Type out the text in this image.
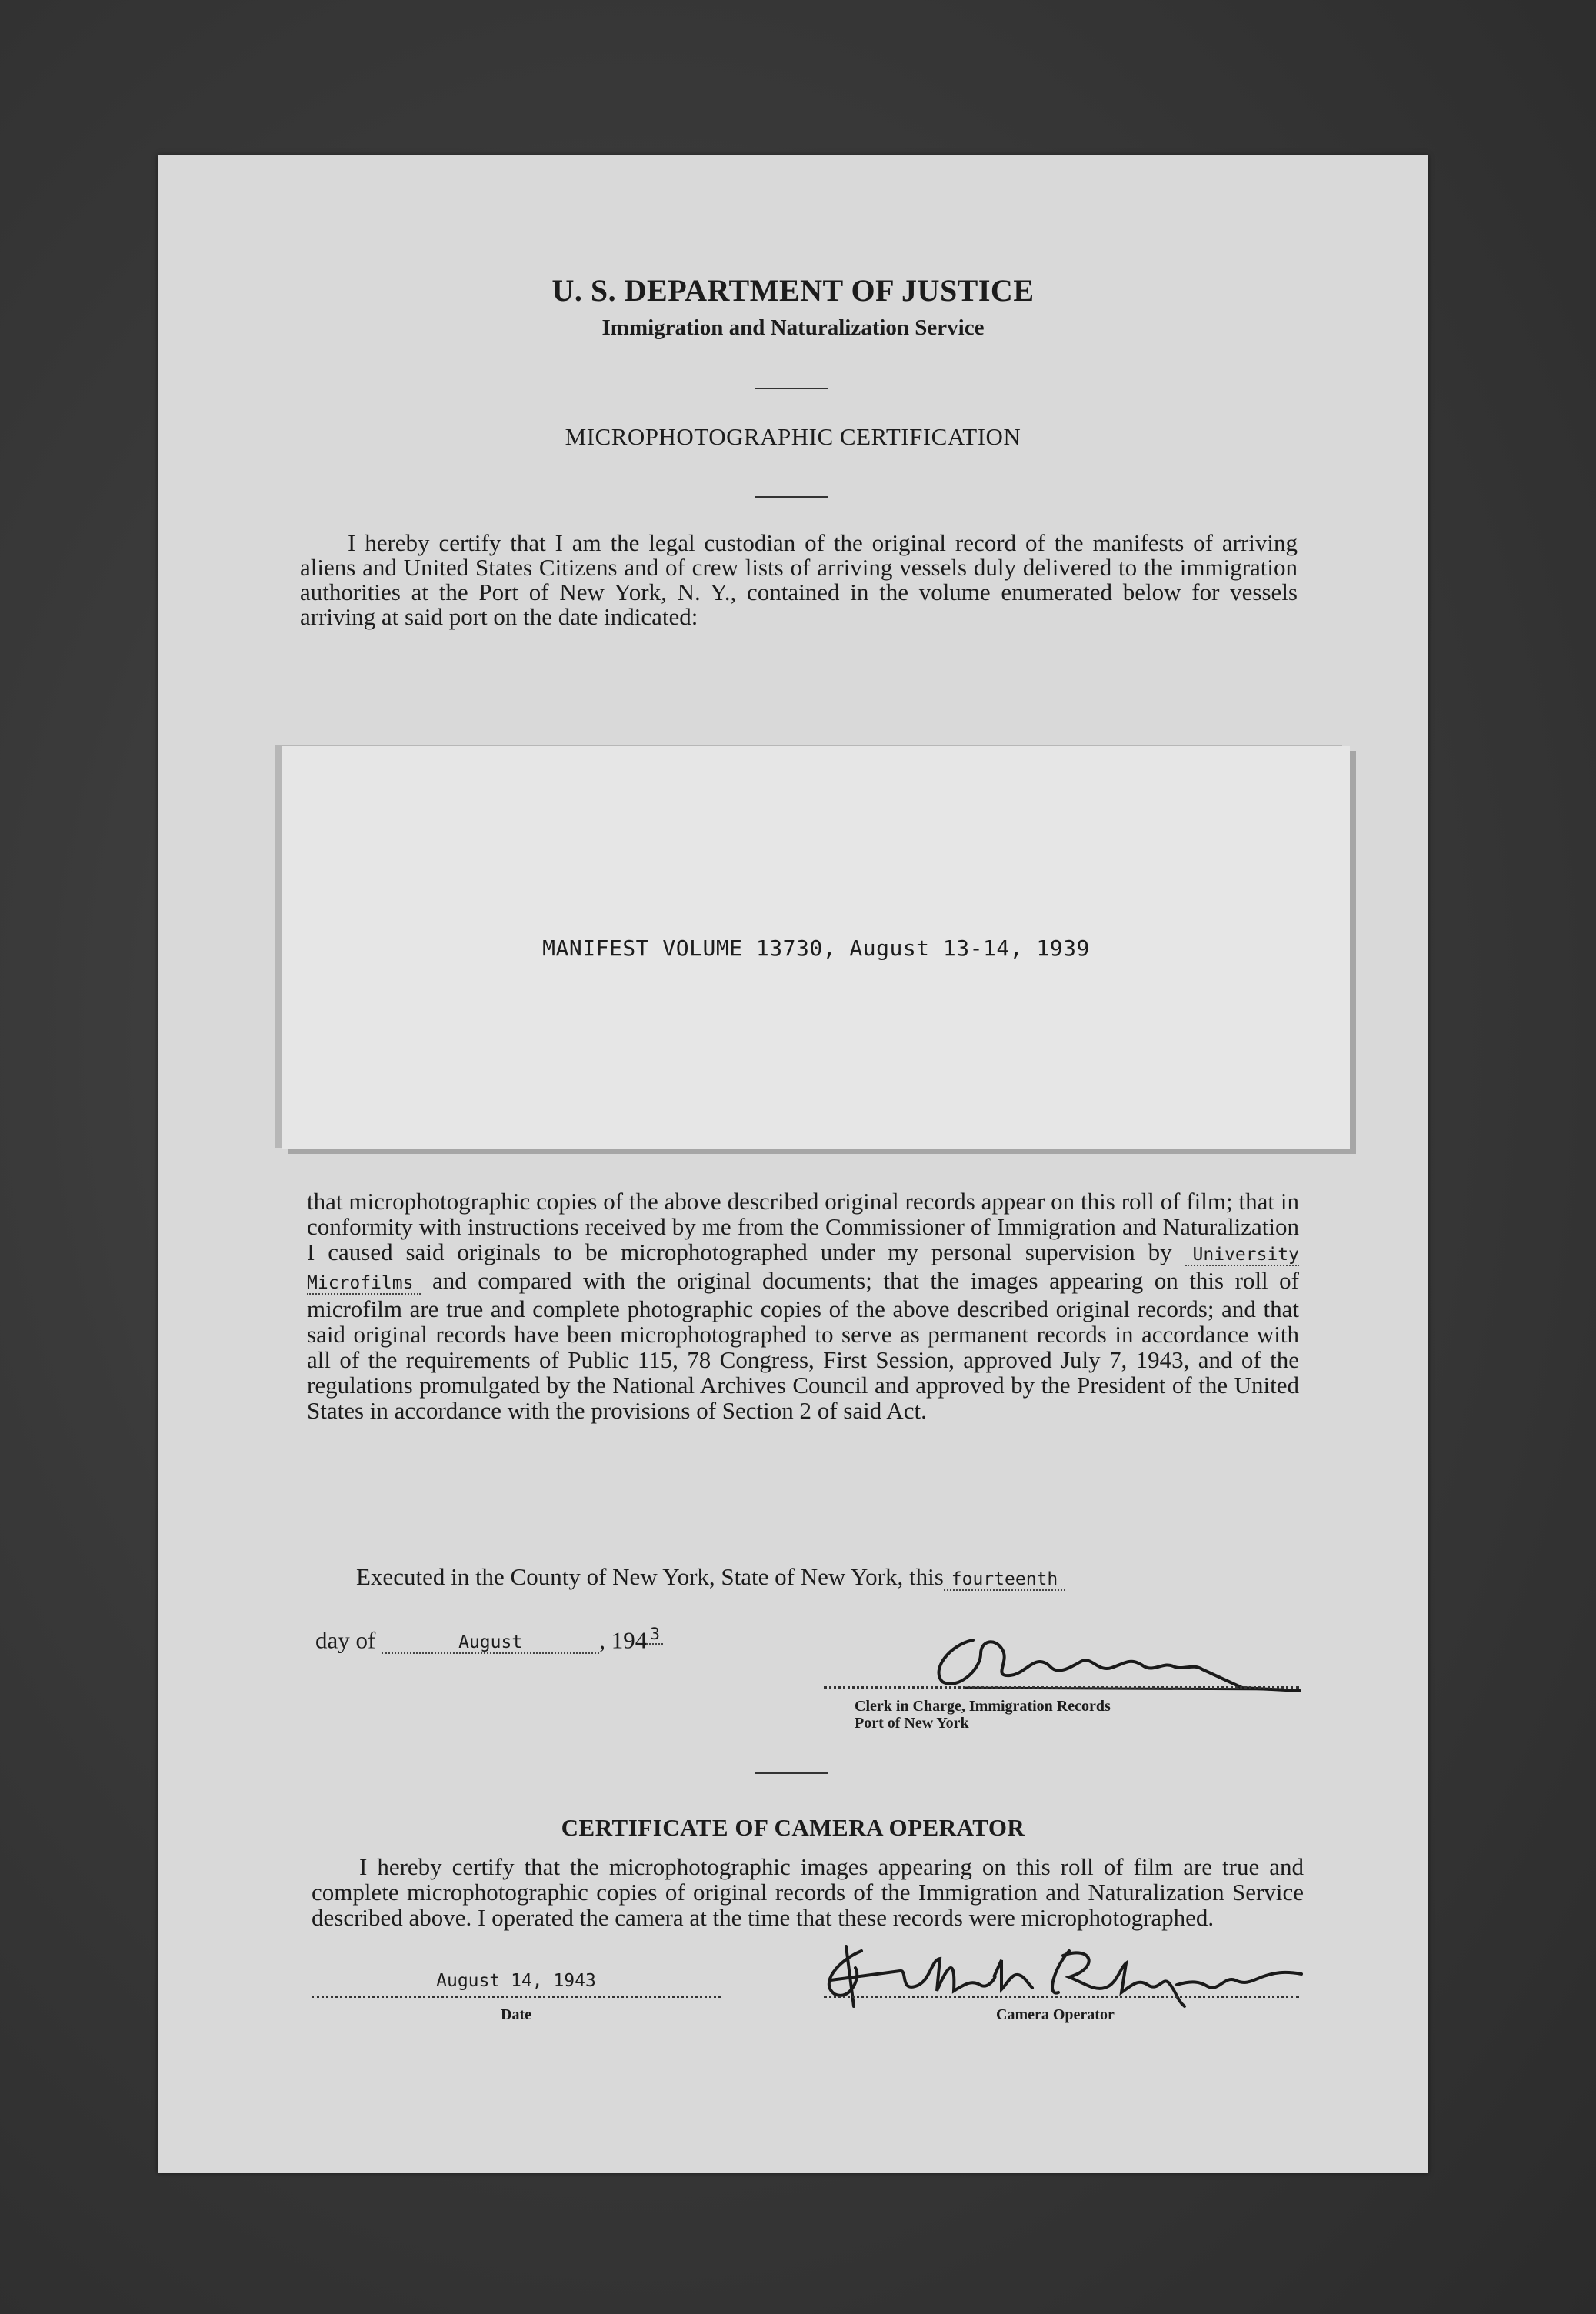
U. S. DEPARTMENT OF JUSTICE
Immigration and Naturalization Service
MICROPHOTOGRAPHIC CERTIFICATION
I hereby certify that I am the legal custodian of the original record of the manifests of arriving aliens and United States Citizens and of crew lists of arriving vessels duly delivered to the immigration authorities at the Port of New York, N. Y., contained in the volume enumerated below for vessels arriving at said port on the date indicated:
MANIFEST VOLUME 13730, August 13-14, 1939
that microphotographic copies of the above described original records appear on this roll of film; that in conformity with instructions received by me from the Commissioner of Immigration and Naturalization I caused said originals to be microphotographed under my personal supervision by University Microfilms and compared with the original documents; that the images appearing on this roll of microfilm are true and complete photographic copies of the above described original records; and that said original records have been microphotographed to serve as permanent records in accordance with all of the requirements of Public 115, 78 Congress, First Session, approved July 7, 1943, and of the regulations promulgated by the National Archives Council and approved by the President of the United States in accordance with the provisions of Section 2 of said Act.
Executed in the County of New York, State of New York, this fourteenth
day of	August	, 194 $^3$
Clerk in Charge, Immigration Records
Port of New York
CERTIFICATE OF CAMERA OPERATOR
I hereby certify that the microphotographic images appearing on this roll of film are true and complete microphotographic copies of original records of the Immigration and Naturalization Service described above. I operated the camera at the time that these records were microphotographed.
August 14, 1943
Date	Camera Operator
